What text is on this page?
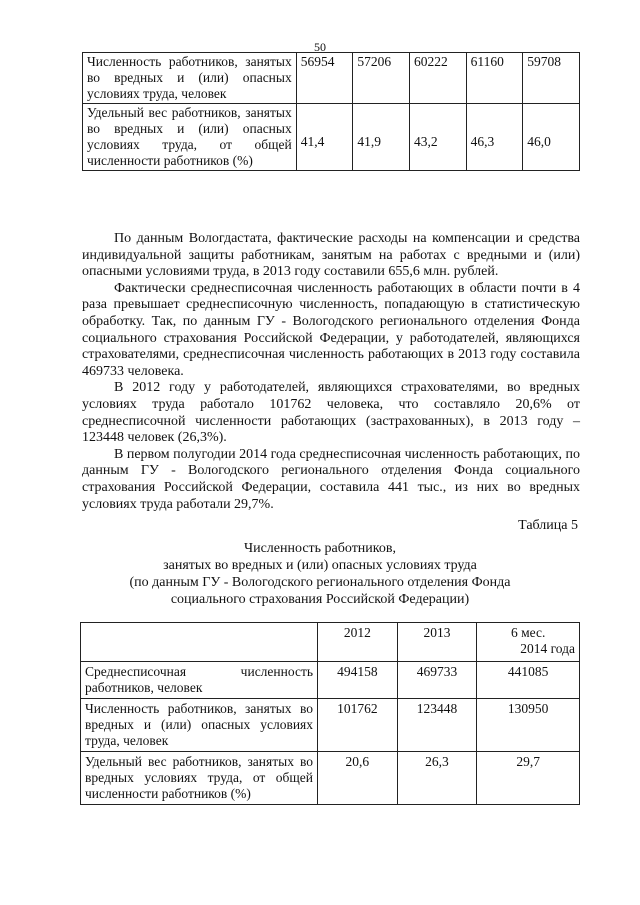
50
Численность работников, занятых во вредных и (или) опасных условиях труда, человек	56954	57206	60222	61160	59708
Удельный вес работников, занятых во вредных и (или) опасных условиях труда, от общей численности работников (%)	41,4	41,9	43,2	46,3	46,0

По данным Вологдастата, фактические расходы на компенсации и средства индивидуальной защиты работникам, занятым на работах с вредными и (или) опасными условиями труда, в 2013 году составили 655,6 млн. рублей.

Фактически среднесписочная численность работающих в области почти в 4 раза превышает среднесписочную численность, попадающую в статистическую обработку. Так, по данным ГУ - Вологодского регионального отделения Фонда социального страхования Российской Федерации, у работодателей, являющихся страхователями, среднесписочная численность работающих в 2013 году составила 469733 человека.

В 2012 году у работодателей, являющихся страхователями, во вредных условиях труда работало 101762 человека, что составляло 20,6% от среднесписочной численности работающих (застрахованных), в 2013 году – 123448 человек (26,3%).

В первом полугодии 2014 года среднесписочная численность работающих, по данным ГУ - Вологодского регионального отделения Фонда социального страхования Российской Федерации, составила 441 тыс., из них во вредных условиях труда работали 29,7%.

Таблица 5
Численность работников,
занятых во вредных и (или) опасных условиях труда
(по данным ГУ - Вологодского регионального отделения Фонда
социального страхования Российской Федерации)
	2012	2013	6 мес.
2014 года

Среднесписочная численность работников, человек	494158	469733	441085
Численность работников, занятых во вредных и (или) опасных условиях труда, человек	101762	123448	130950
Удельный вес работников, занятых во вредных условиях труда, от общей численности работников (%)	20,6	26,3	29,7
